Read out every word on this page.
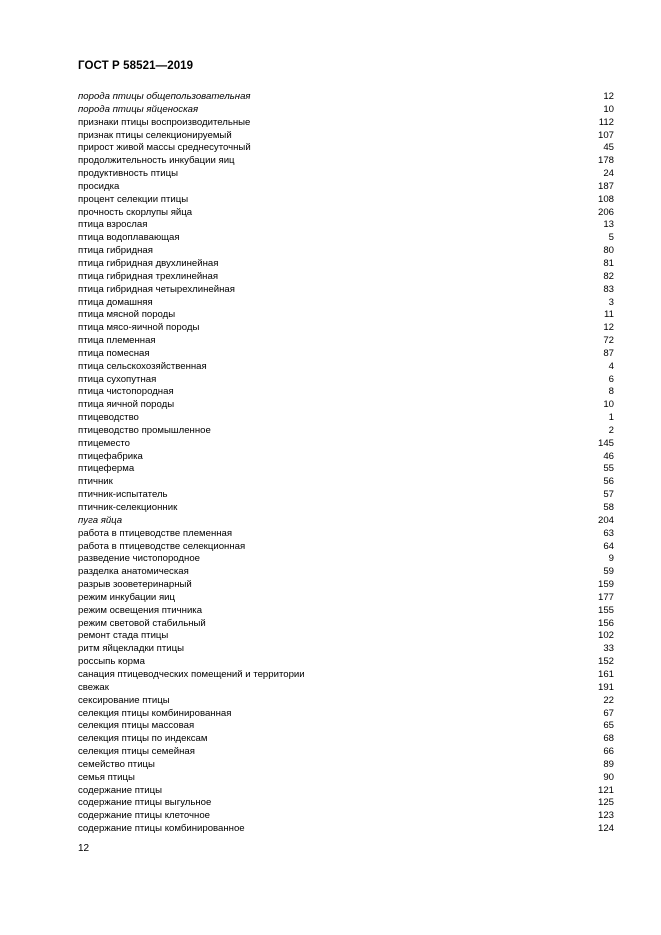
ГОСТ Р 58521—2019
порода птицы общепользовательная	12
порода птицы яйценоская	10
признаки птицы воспроизводительные	112
признак птицы селекционируемый	107
прирост живой массы среднесуточный	45
продолжительность инкубации яиц	178
продуктивность птицы	24
просидка	187
процент селекции птицы	108
прочность скорлупы яйца	206
птица взрослая	13
птица водоплавающая	5
птица гибридная	80
птица гибридная двухлинейная	81
птица гибридная трехлинейная	82
птица гибридная четырехлинейная	83
птица домашняя	3
птица мясной породы	11
птица мясо-яичной породы	12
птица племенная	72
птица помесная	87
птица сельскохозяйственная	4
птица сухопутная	6
птица чистопородная	8
птица яичной породы	10
птицеводство	1
птицеводство промышленное	2
птицеместо	145
птицефабрика	46
птицеферма	55
птичник	56
птичник-испытатель	57
птичник-селекционник	58
пуга яйца	204
работа в птицеводстве племенная	63
работа в птицеводстве селекционная	64
разведение чистопородное	9
разделка анатомическая	59
разрыв зооветеринарный	159
режим инкубации яиц	177
режим освещения птичника	155
режим световой стабильный	156
ремонт стада птицы	102
ритм яйцекладки птицы	33
россыпь корма	152
санация птицеводческих помещений и территории	161
свежак	191
сексирование птицы	22
селекция птицы комбинированная	67
селекция птицы массовая	65
селекция птицы по индексам	68
селекция птицы семейная	66
семейство птицы	89
семья птицы	90
содержание птицы	121
содержание птицы выгульное	125
содержание птицы клеточное	123
содержание птицы комбинированное	124
12
